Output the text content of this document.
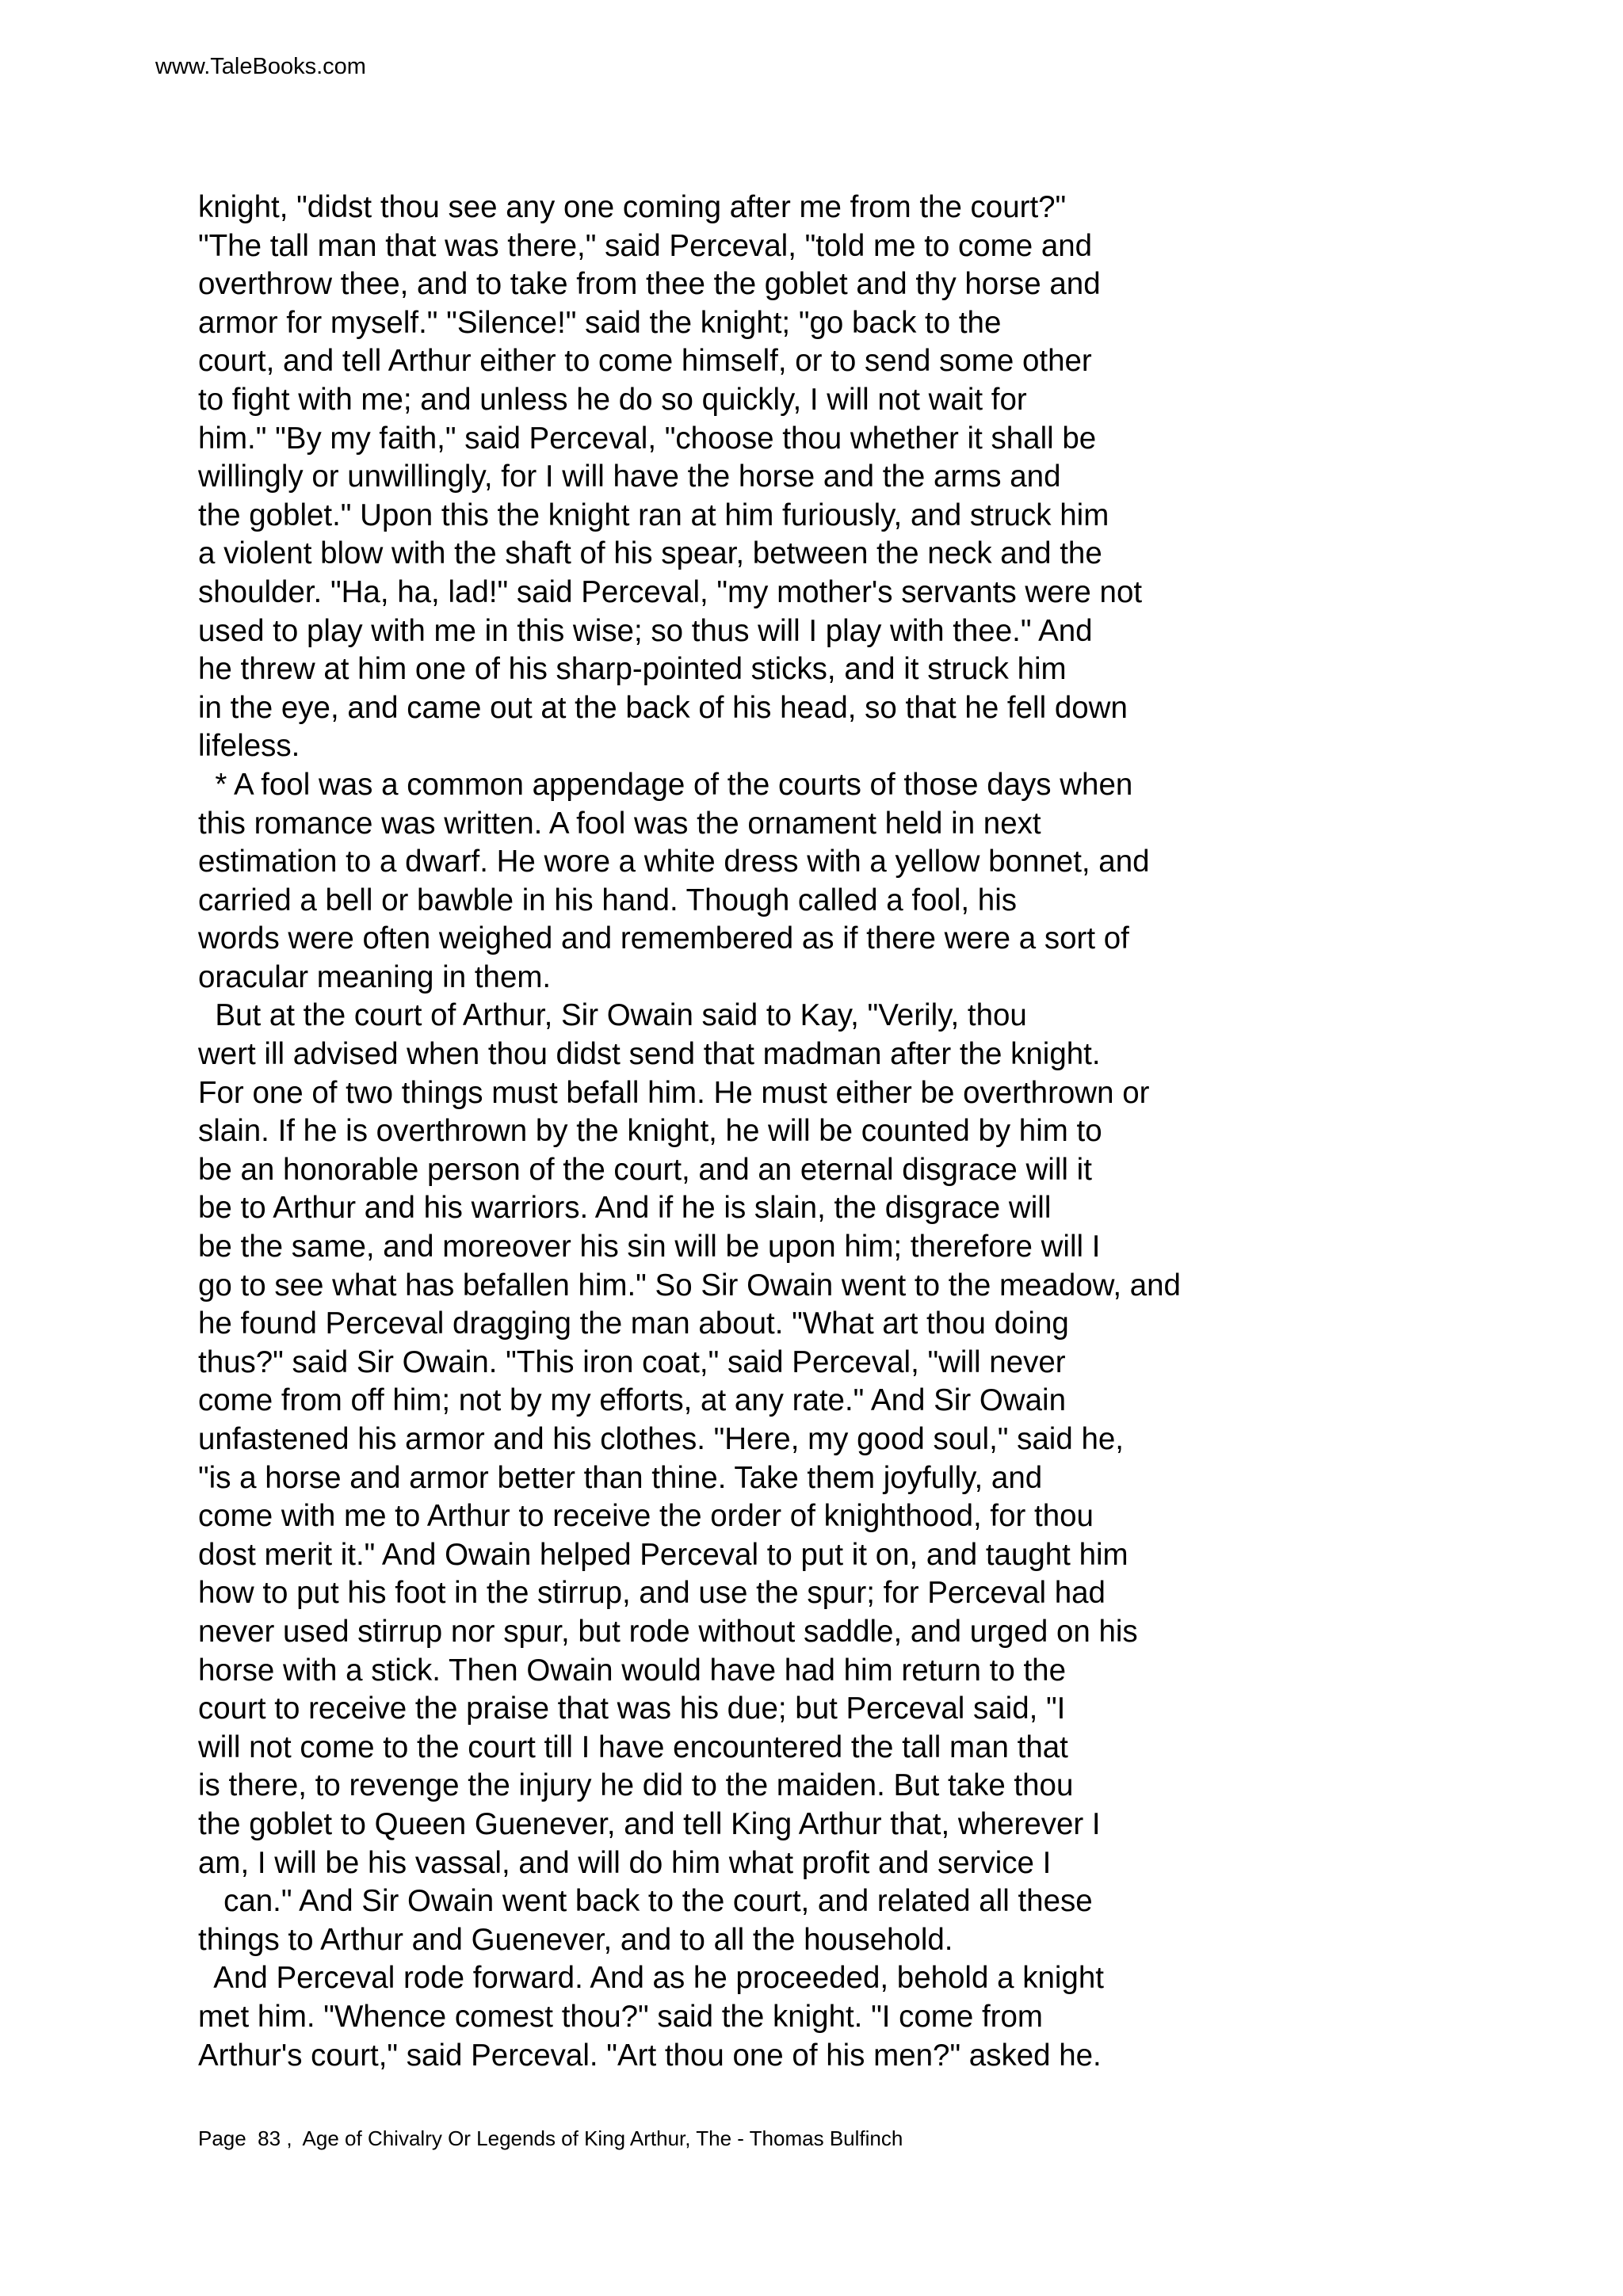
www.TaleBooks.com
knight, "didst thou see any one coming after me from the court?"
"The tall man that was there," said Perceval, "told me to come and
overthrow thee, and to take from thee the goblet and thy horse and
armor for myself." "Silence!" said the knight; "go back to the
court, and tell Arthur either to come himself, or to send some other
to fight with me; and unless he do so quickly, I will not wait for
him." "By my faith," said Perceval, "choose thou whether it shall be
willingly or unwillingly, for I will have the horse and the arms and
the goblet." Upon this the knight ran at him furiously, and struck him
a violent blow with the shaft of his spear, between the neck and the
shoulder. "Ha, ha, lad!" said Perceval, "my mother's servants were not
used to play with me in this wise; so thus will I play with thee." And
he threw at him one of his sharp-pointed sticks, and it struck him
in the eye, and came out at the back of his head, so that he fell down
lifeless.
* A fool was a common appendage of the courts of those days when
this romance was written. A fool was the ornament held in next
estimation to a dwarf. He wore a white dress with a yellow bonnet, and
carried a bell or bawble in his hand. Though called a fool, his
words were often weighed and remembered as if there were a sort of
oracular meaning in them.
But at the court of Arthur, Sir Owain said to Kay, "Verily, thou
wert ill advised when thou didst send that madman after the knight.
For one of two things must befall him. He must either be overthrown or
slain. If he is overthrown by the knight, he will be counted by him to
be an honorable person of the court, and an eternal disgrace will it
be to Arthur and his warriors. And if he is slain, the disgrace will
be the same, and moreover his sin will be upon him; therefore will I
go to see what has befallen him." So Sir Owain went to the meadow, and
he found Perceval dragging the man about. "What art thou doing
thus?" said Sir Owain. "This iron coat," said Perceval, "will never
come from off him; not by my efforts, at any rate." And Sir Owain
unfastened his armor and his clothes. "Here, my good soul," said he,
"is a horse and armor better than thine. Take them joyfully, and
come with me to Arthur to receive the order of knighthood, for thou
dost merit it." And Owain helped Perceval to put it on, and taught him
how to put his foot in the stirrup, and use the spur; for Perceval had
never used stirrup nor spur, but rode without saddle, and urged on his
horse with a stick. Then Owain would have had him return to the
court to receive the praise that was his due; but Perceval said, "I
will not come to the court till I have encountered the tall man that
is there, to revenge the injury he did to the maiden. But take thou
the goblet to Queen Guenever, and tell King Arthur that, wherever I
am, I will be his vassal, and will do him what profit and service I
can." And Sir Owain went back to the court, and related all these
things to Arthur and Guenever, and to all the household.
And Perceval rode forward. And as he proceeded, behold a knight
met him. "Whence comest thou?" said the knight. "I come from
Arthur's court," said Perceval. "Art thou one of his men?" asked he.
Page  83 ,  Age of Chivalry Or Legends of King Arthur, The - Thomas Bulfinch
